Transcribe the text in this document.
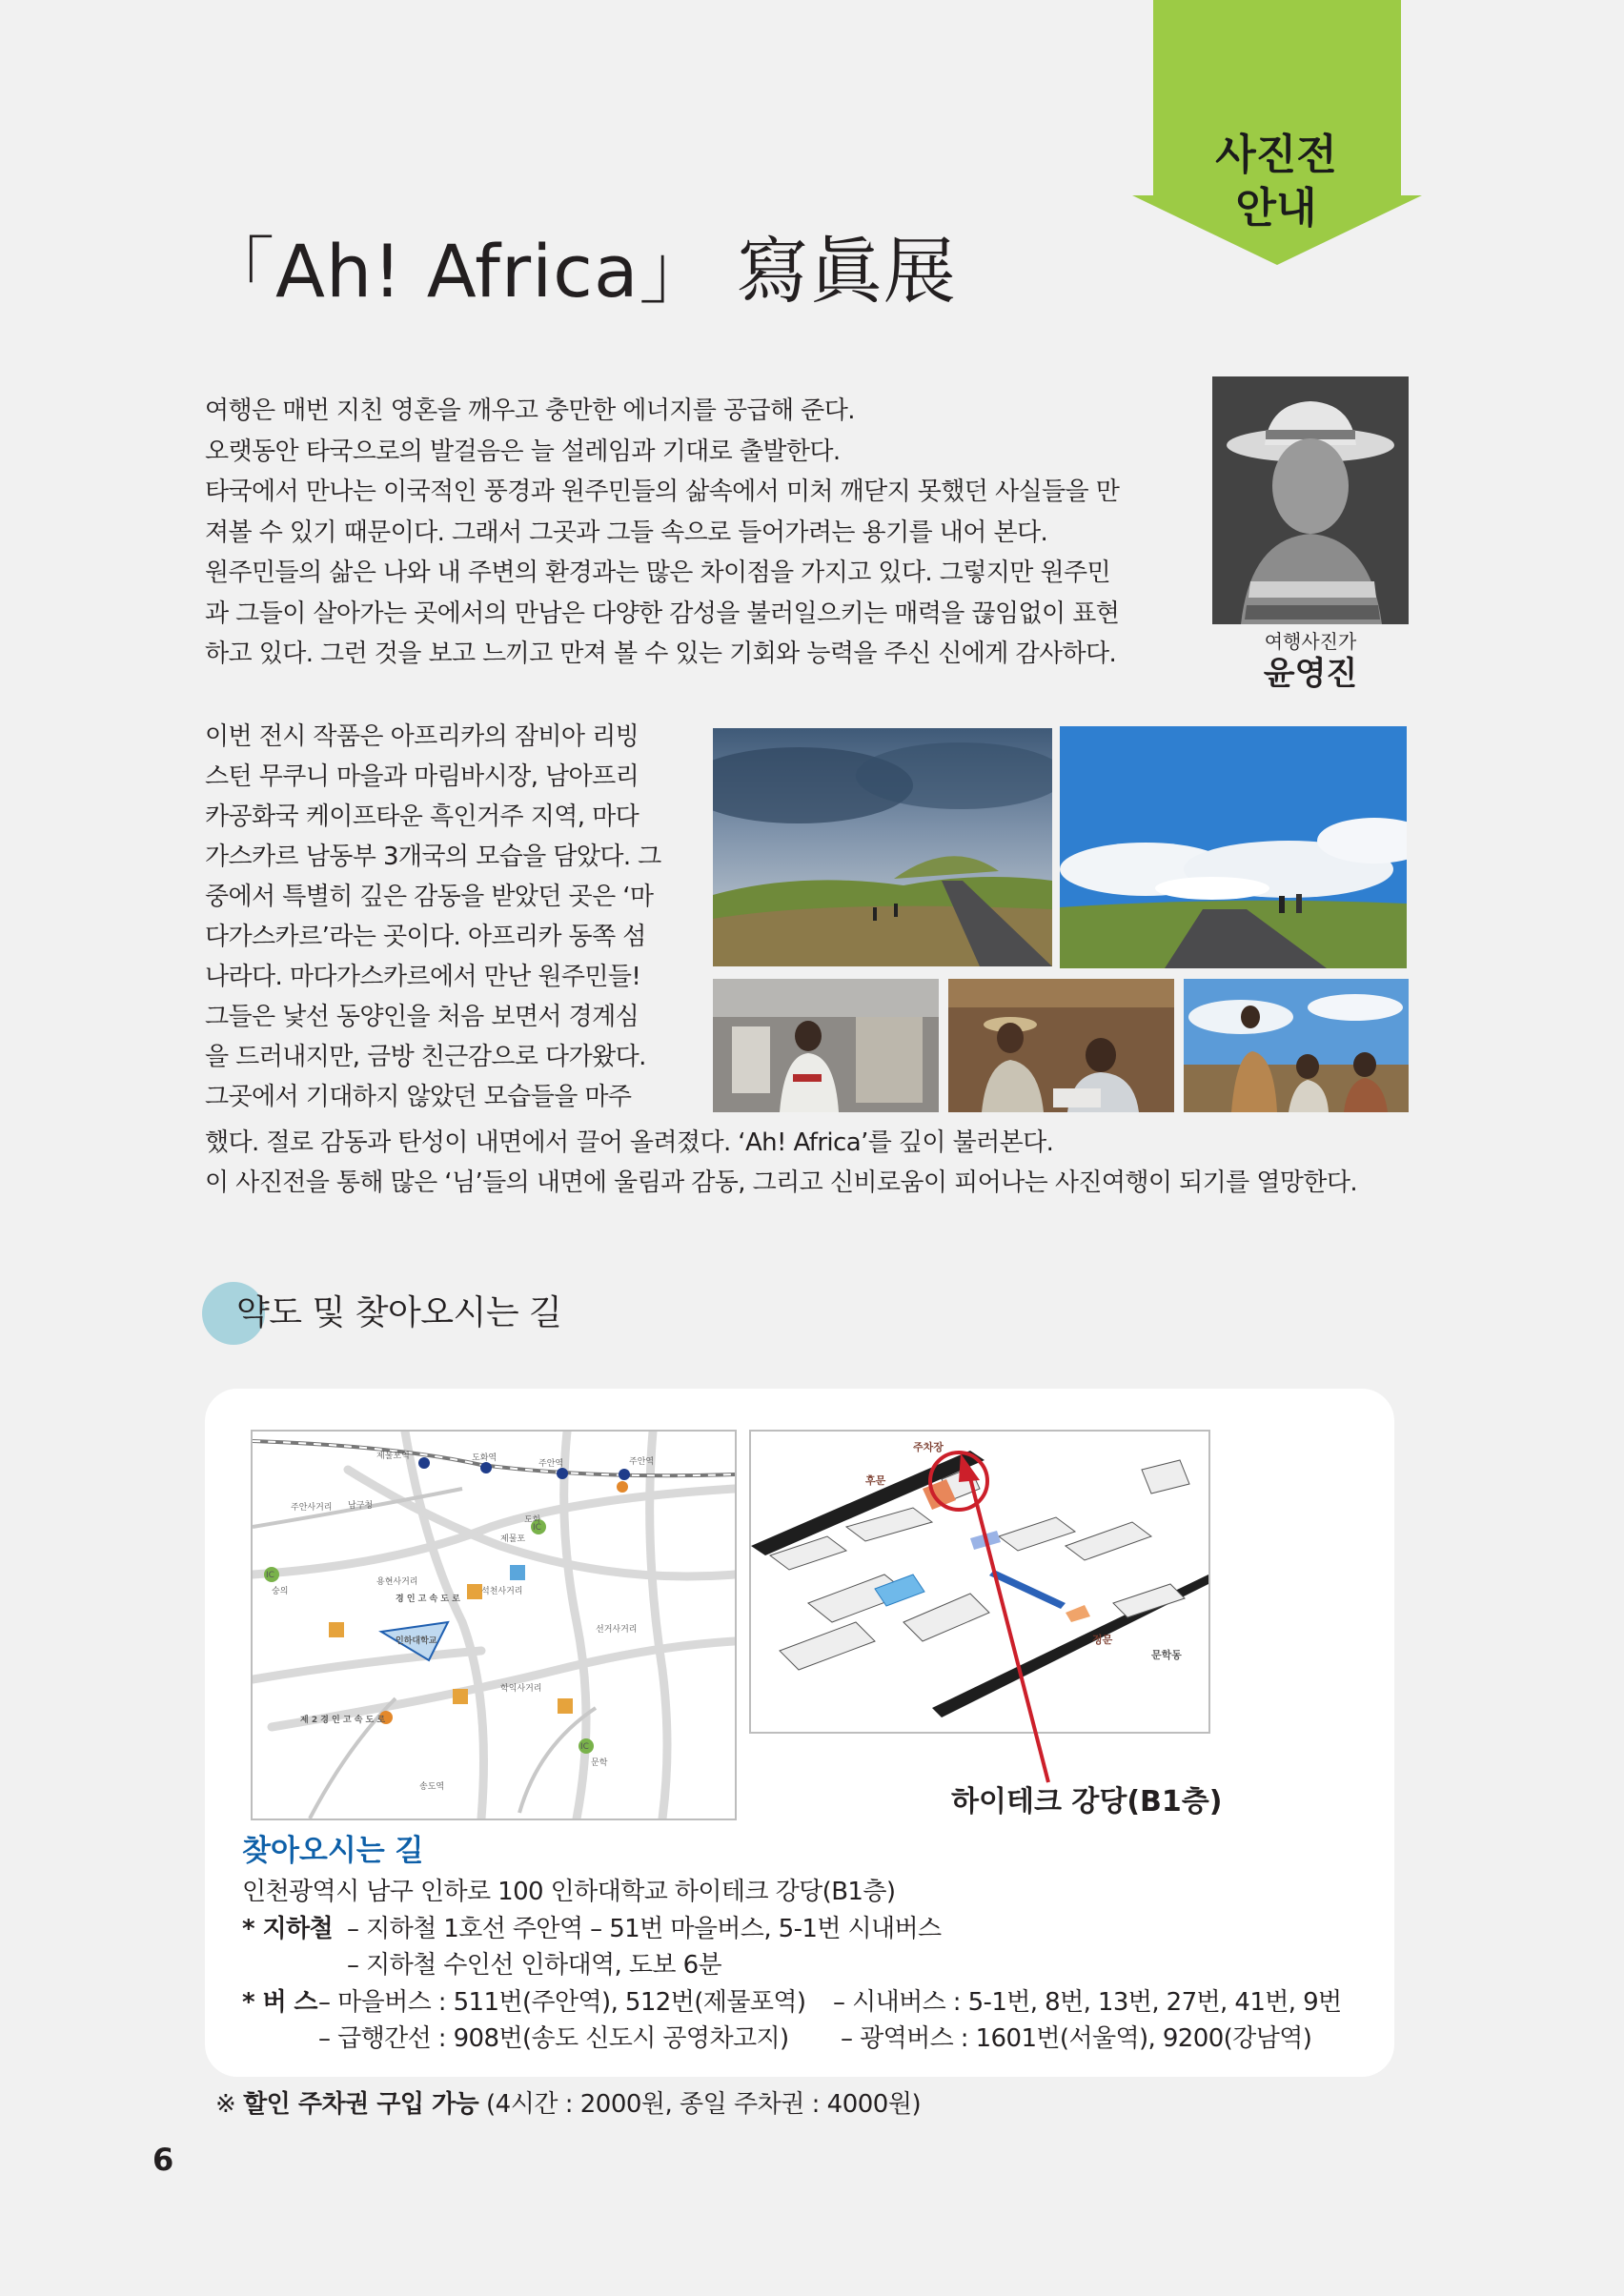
사진전
안내
「Ah! Africa」 寫眞展

여행은 매번 지친 영혼을 깨우고 충만한 에너지를 공급해 준다.

오랫동안 타국으로의 발걸음은 늘 설레임과 기대로 출발한다.

타국에서 만나는 이국적인 풍경과 원주민들의 삶속에서 미처 깨닫지 못했던 사실들을 만

져볼 수 있기 때문이다. 그래서 그곳과 그들 속으로 들어가려는 용기를 내어 본다.

원주민들의 삶은 나와 내 주변의 환경과는 많은 차이점을 가지고 있다. 그렇지만 원주민

과 그들이 살아가는 곳에서의 만남은 다양한 감성을 불러일으키는 매력을 끊임없이 표현

하고 있다. 그런 것을 보고 느끼고 만져 볼 수 있는 기회와 능력을 주신 신에게 감사하다.	여행사진가
윤영진

이번 전시 작품은 아프리카의 잠비아 리빙

스턴 무쿠니 마을과 마림바시장, 남아프리

카공화국 케이프타운 흑인거주 지역, 마다

가스카르 남동부 3개국의 모습을 담았다. 그

중에서 특별히 깊은 감동을 받았던 곳은 ‘마

다가스카르’라는 곳이다. 아프리카 동쪽 섬

나라다. 마다가스카르에서 만난 원주민들!

그들은 낯선 동양인을 처음 보면서 경계심

을 드러내지만, 금방 친근감으로 다가왔다.

그곳에서 기대하지 않았던 모습들을 마주

했다. 절로 감동과 탄성이 내면에서 끌어 올려졌다. ‘Ah! Africa’를 깊이 불러본다.

이 사진전을 통해 많은 ‘님’들의 내면에 울림과 감동, 그리고 신비로움이 피어나는 사진여행이 되기를 열망한다.

약도 및 찾아오시는 길
제물포역	도화역
주안역	주안역
도화
IC
IC
IC
숭의
용현사거리
경 인 고 속 도 로
석천사거리
인하대학교
제 2 경 인 고 속 도 로
학익사거리
송도역
문학
남구청
주안사거리
선거사거리
제물포
후문
주차장
정문
문학동
하이테크 강당(B1층)
찾아오시는 길
인천광역시 남구 인하로 100 인하대학교 하이테크 강당(B1층)
* 지하철 – 지하철 1호선 주안역 – 51번 마을버스, 5-1번 시내버스
– 지하철 수인선 인하대역, 도보 6분
* 버 스 – 마을버스 : 511번(주안역), 512번(제물포역) – 시내버스 : 5-1번, 8번, 13번, 27번, 41번, 9번
– 급행간선 : 908번(송도 신도시 공영차고지) – 광역버스 : 1601번(서울역), 9200(강남역)
※ 할인 주차권 구입 가능 (4시간 : 2000원, 종일 주차권 : 4000원)
6
